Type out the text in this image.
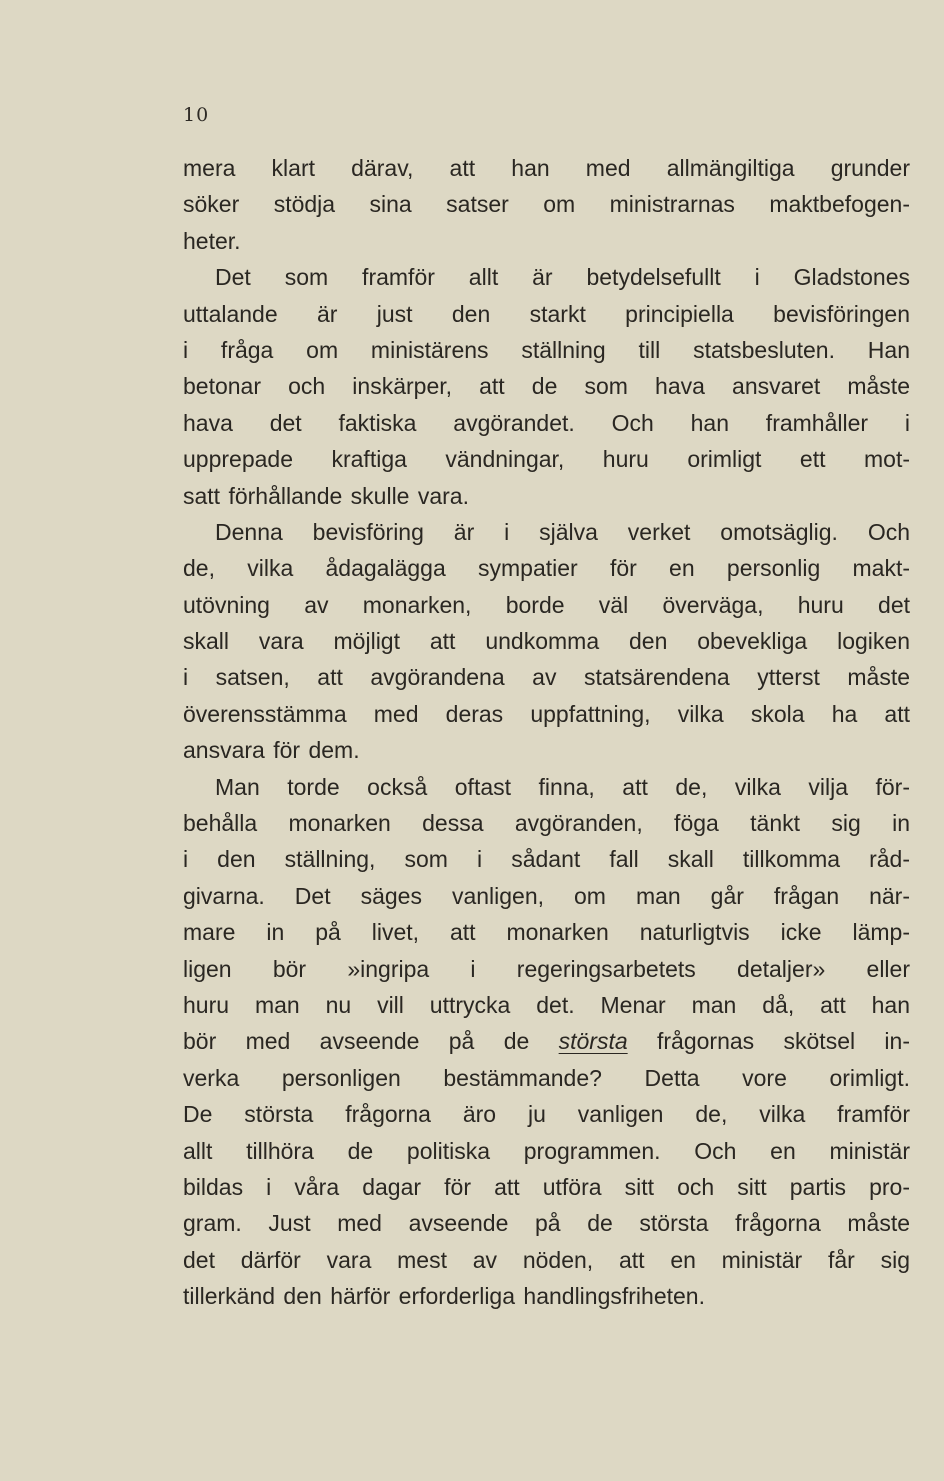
10
mera klart därav, att han med allmängiltiga grunder
söker stödja sina satser om ministrarnas maktbefogen-
heter.
Det som framför allt är betydelsefullt i Gladstones
uttalande är just den starkt principiella bevisföringen
i fråga om ministärens ställning till statsbesluten. Han
betonar och inskärper, att de som hava ansvaret måste
hava det faktiska avgörandet. Och han framhåller i
upprepade kraftiga vändningar, huru orimligt ett mot-
satt förhållande skulle vara.
Denna bevisföring är i själva verket omotsäglig. Och
de, vilka ådagalägga sympatier för en personlig makt-
utövning av monarken, borde väl överväga, huru det
skall vara möjligt att undkomma den obevekliga logiken
i satsen, att avgörandena av statsärendena ytterst måste
överensstämma med deras uppfattning, vilka skola ha att
ansvara för dem.
Man torde också oftast finna, att de, vilka vilja för-
behålla monarken dessa avgöranden, föga tänkt sig in
i den ställning, som i sådant fall skall tillkomma råd-
givarna. Det säges vanligen, om man går frågan när-
mare in på livet, att monarken naturligtvis icke lämp-
ligen bör »ingripa i regeringsarbetets detaljer» eller
huru man nu vill uttrycka det. Menar man då, att han
bör med avseende på de största frågornas skötsel in-
verka personligen bestämmande? Detta vore orimligt.
De största frågorna äro ju vanligen de, vilka framför
allt tillhöra de politiska programmen. Och en ministär
bildas i våra dagar för att utföra sitt och sitt partis pro-
gram. Just med avseende på de största frågorna måste
det därför vara mest av nöden, att en ministär får sig
tillerkänd den härför erforderliga handlingsfriheten.
